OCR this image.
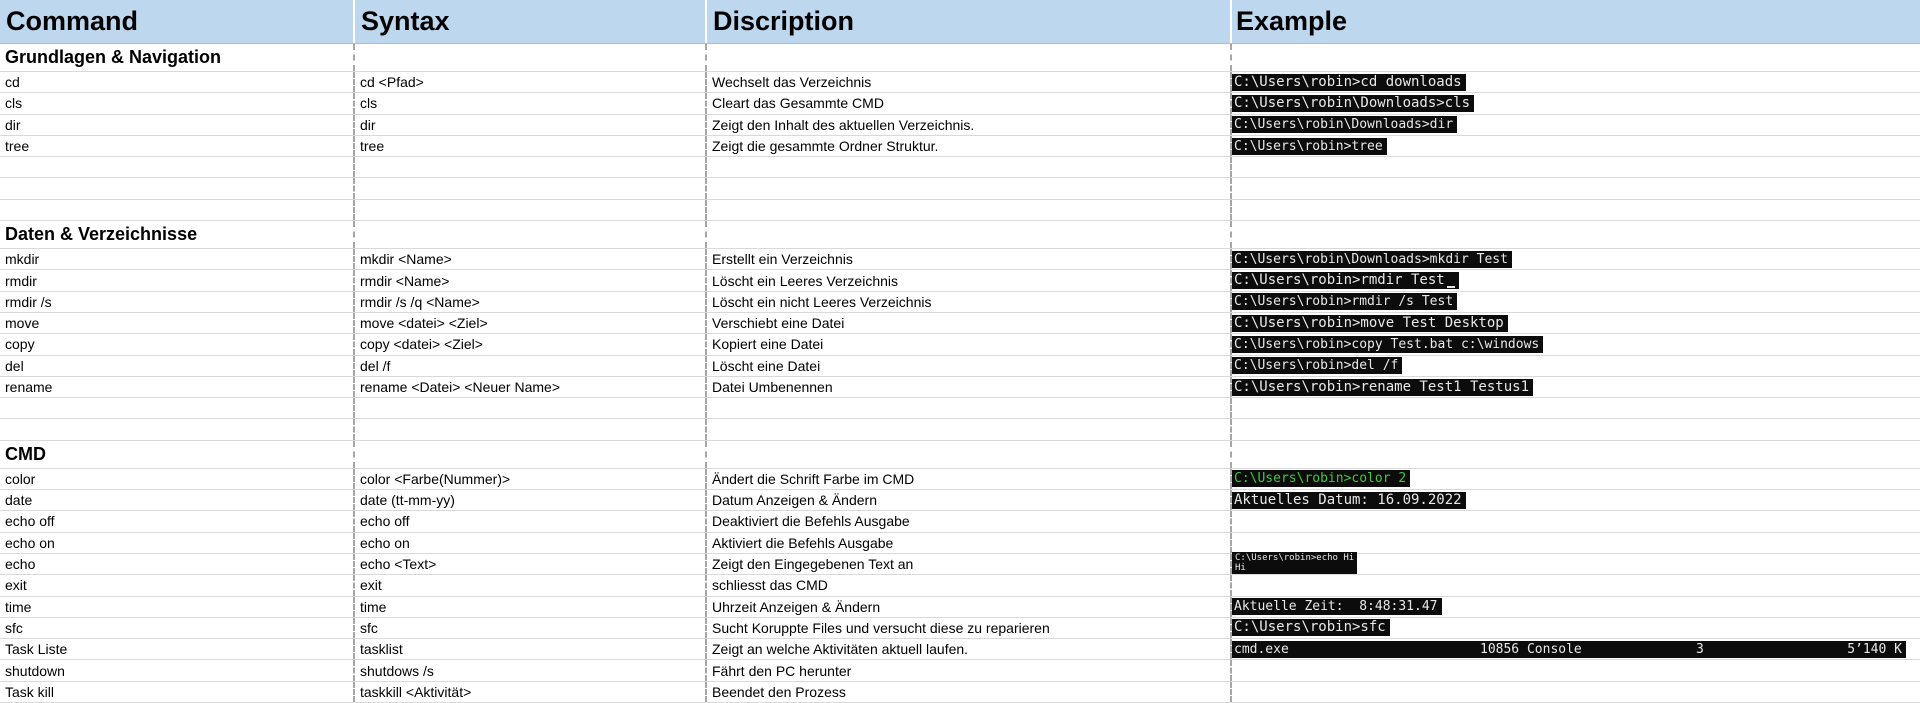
Command	Syntax	Discription	Example
Grundlagen & Navigation
cd	cd <Pfad>	Wechselt das Verzeichnis	C:\Users\robin>cd downloads
cls	cls	Cleart das Gesammte CMD	C:\Users\robin\Downloads>cls
dir	dir	Zeigt den Inhalt des aktuellen Verzeichnis.	C:\Users\robin\Downloads>dir
tree	tree	Zeigt die gesammte Ordner Struktur.	C:\Users\robin>tree
Daten & Verzeichnisse
mkdir	mkdir <Name>	Erstellt ein Verzeichnis	C:\Users\robin\Downloads>mkdir Test
rmdir	rmdir <Name>	Löscht ein Leeres Verzeichnis	C:\Users\robin>rmdir Test
rmdir /s	rmdir /s /q <Name>	Löscht ein nicht Leeres Verzeichnis	C:\Users\robin>rmdir /s Test
move	move <datei> <Ziel>	Verschiebt eine Datei	C:\Users\robin>move Test Desktop
copy	copy <datei> <Ziel>	Kopiert eine Datei	C:\Users\robin>copy Test.bat c:\windows
del	del /f	Löscht eine Datei	C:\Users\robin>del /f
rename	rename <Datei> <Neuer Name>	Datei Umbenennen	C:\Users\robin>rename Test1 Testus1
CMD
color	color <Farbe(Nummer)>	Ändert die Schrift Farbe im CMD	C:\Users\robin>color 2
date	date (tt-mm-yy)	Datum Anzeigen & Ändern	Aktuelles Datum: 16.09.2022
echo off	echo off	Deaktiviert die Befehls Ausgabe
echo on	echo on	Aktiviert die Befehls Ausgabe
echo	echo <Text>	Zeigt den Eingegebenen Text an	C:\Users\robin>echo Hi
Hi
exit	exit	schliesst das CMD
time	time	Uhrzeit Anzeigen & Ändern	Aktuelle Zeit:  8:48:31.47
sfc	sfc	Sucht Koruppte Files und versucht diese zu reparieren	C:\Users\robin>sfc
Task Liste	tasklist	Zeigt an welche Aktivitäten aktuell laufen.	cmd.exe	10856 Console	3	5’140 K
shutdown	shutdows /s	Fährt den PC herunter
Task kill	taskkill <Aktivität>	Beendet den Prozess
